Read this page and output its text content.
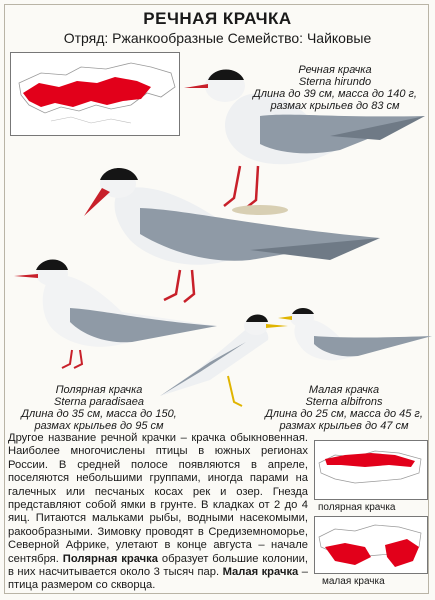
РЕЧНАЯ КРАЧКА
Отряд: Ржанкообразные Семейство: Чайковые
Речная крачка
Sterna hirundo
Длина до 39 см, масса до 140 г,
размах крыльев до 83 см
Полярная крачка
Sterna paradisaea
Длина до 35 см, масса до 150,
размах крыльев до 95 см
Малая крачка
Sterna albifrons
Длина до 25 см, масса до 45 г,
размах крыльев до 47 см
Другое название речной крачки – крачка обыкновенная. Наиболее многочислены птицы в южных регионах России. В средней полосе появляются в апреле, поселяются небольшими группами, иногда парами на галечных или песчаных косах рек и озер. Гнезда представляют собой ямки в грунте. В кладках от 2 до 4 яиц. Питаются мальками рыбы, водными насекомыми, ракообразными. Зимовку проводят в Средиземноморье, Северной Африке, улетают в конце августа – начале сентября. Полярная крачка образует большие колонии, в них насчитывается около 3 тысяч пар. Малая крачка – птица размером со скворца.
полярная крачка
малая крачка
